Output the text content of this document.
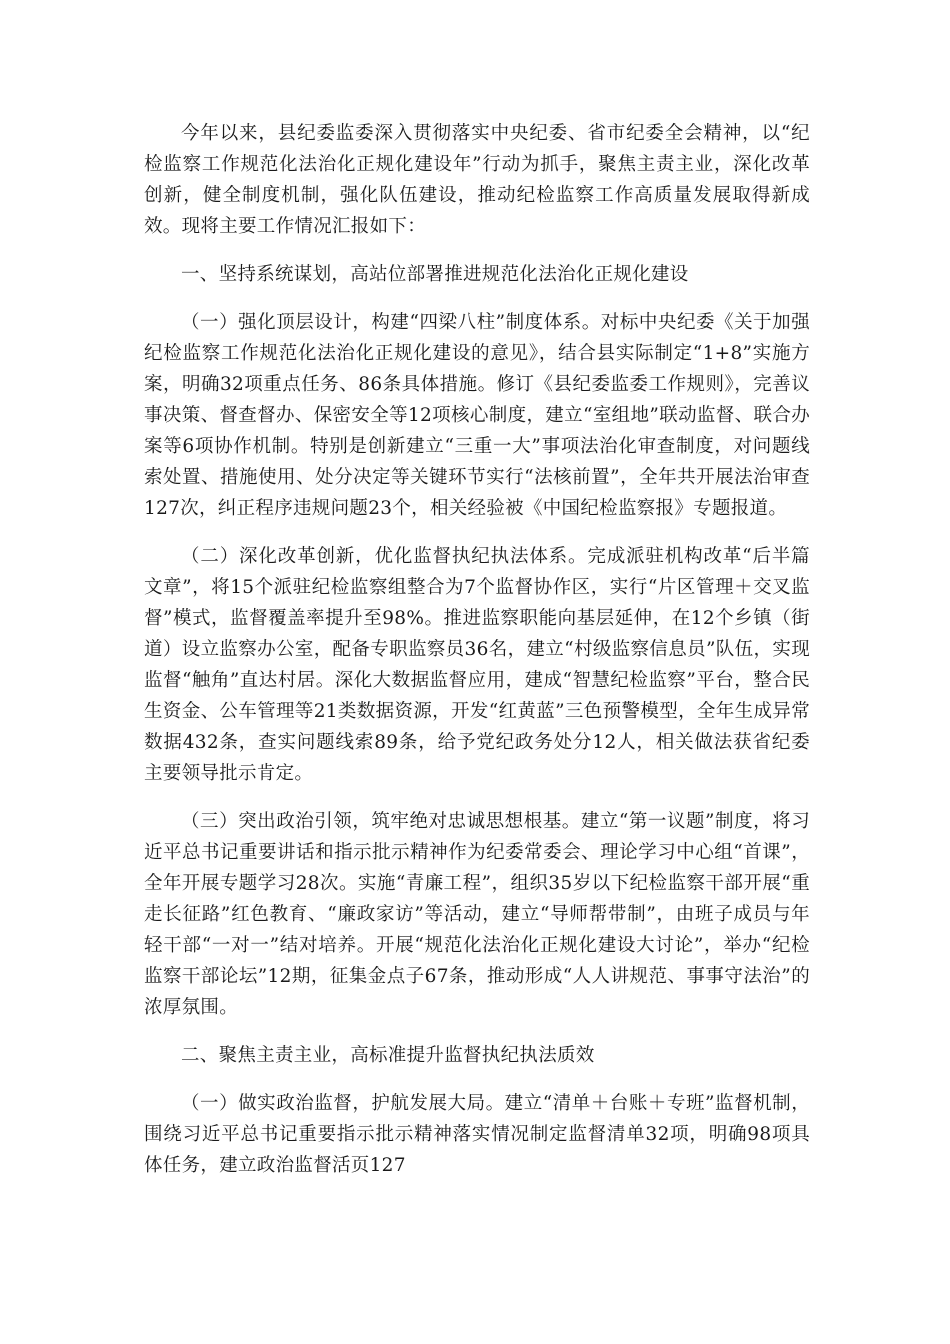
今年以来，县纪委监委深入贯彻落实中央纪委、省市纪委全会精神，以“纪检监察工作规范化法治化正规化建设年”行动为抓手，聚焦主责主业，深化改革创新，健全制度机制，强化队伍建设，推动纪检监察工作高质量发展取得新成效。现将主要工作情况汇报如下：

一、坚持系统谋划，高站位部署推进规范化法治化正规化建设

（一）强化顶层设计，构建“四梁八柱”制度体系。对标中央纪委《关于加强纪检监察工作规范化法治化正规化建设的意见》，结合县实际制定“1+8”实施方案，明确32项重点任务、86条具体措施。修订《县纪委监委工作规则》，完善议事决策、督查督办、保密安全等12项核心制度，建立“室组地”联动监督、联合办案等6项协作机制。特别是创新建立“三重一大”事项法治化审查制度，对问题线索处置、措施使用、处分决定等关键环节实行“法核前置”，全年共开展法治审查127次，纠正程序违规问题23个，相关经验被《中国纪检监察报》专题报道。

（二）深化改革创新，优化监督执纪执法体系。完成派驻机构改革“后半篇文章”，将15个派驻纪检监察组整合为7个监督协作区，实行“片区管理＋交叉监督”模式，监督覆盖率提升至98%。推进监察职能向基层延伸，在12个乡镇（街道）设立监察办公室，配备专职监察员36名，建立“村级监察信息员”队伍，实现监督“触角”直达村居。深化大数据监督应用，建成“智慧纪检监察”平台，整合民生资金、公车管理等21类数据资源，开发“红黄蓝”三色预警模型，全年生成异常数据432条，查实问题线索89条，给予党纪政务处分12人，相关做法获省纪委主要领导批示肯定。

（三）突出政治引领，筑牢绝对忠诚思想根基。建立“第一议题”制度，将习近平总书记重要讲话和指示批示精神作为纪委常委会、理论学习中心组“首课”，全年开展专题学习28次。实施“青廉工程”，组织35岁以下纪检监察干部开展“重走长征路”红色教育、“廉政家访”等活动，建立“导师帮带制”，由班子成员与年轻干部“一对一”结对培养。开展“规范化法治化正规化建设大讨论”，举办“纪检监察干部论坛”12期，征集金点子67条，推动形成“人人讲规范、事事守法治”的浓厚氛围。

二、聚焦主责主业，高标准提升监督执纪执法质效

（一）做实政治监督，护航发展大局。建立“清单＋台账＋专班”监督机制，围绕习近平总书记重要指示批示精神落实情况制定监督清单32项，明确98项具体任务，建立政治监督活页127
